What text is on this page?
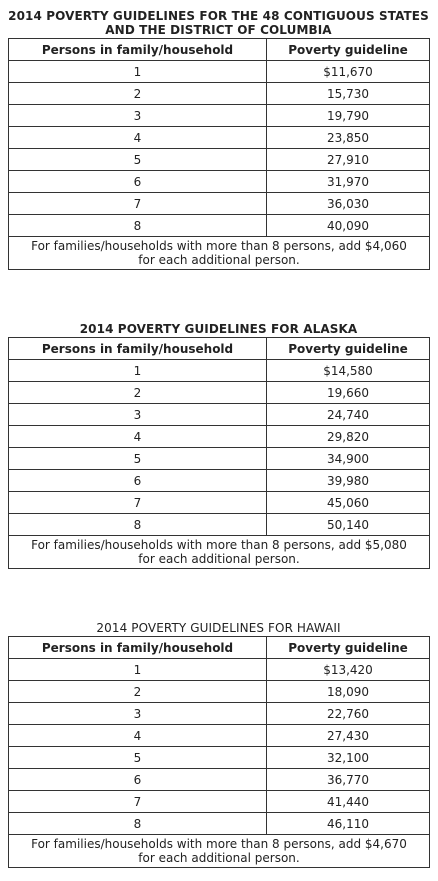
2014 POVERTY GUIDELINES FOR THE 48 CONTIGUOUS STATES
AND THE DISTRICT OF COLUMBIA
Persons in family/household	Poverty guideline
1	$11,670
2	15,730
3	19,790
4	23,850
5	27,910
6	31,970
7	36,030
8	40,090

For families/households with more than 8 persons, add $4,060
for each additional person.	
2014 POVERTY GUIDELINES FOR ALASKA
Persons in family/household	Poverty guideline
1	$14,580
2	19,660
3	24,740
4	29,820
5	34,900
6	39,980
7	45,060
8	50,140

For families/households with more than 8 persons, add $5,080
for each additional person.	
2014 POVERTY GUIDELINES FOR HAWAII
Persons in family/household	Poverty guideline
1	$13,420
2	18,090
3	22,760
4	27,430
5	32,100
6	36,770
7	41,440
8	46,110

For families/households with more than 8 persons, add $4,670
for each additional person.	
